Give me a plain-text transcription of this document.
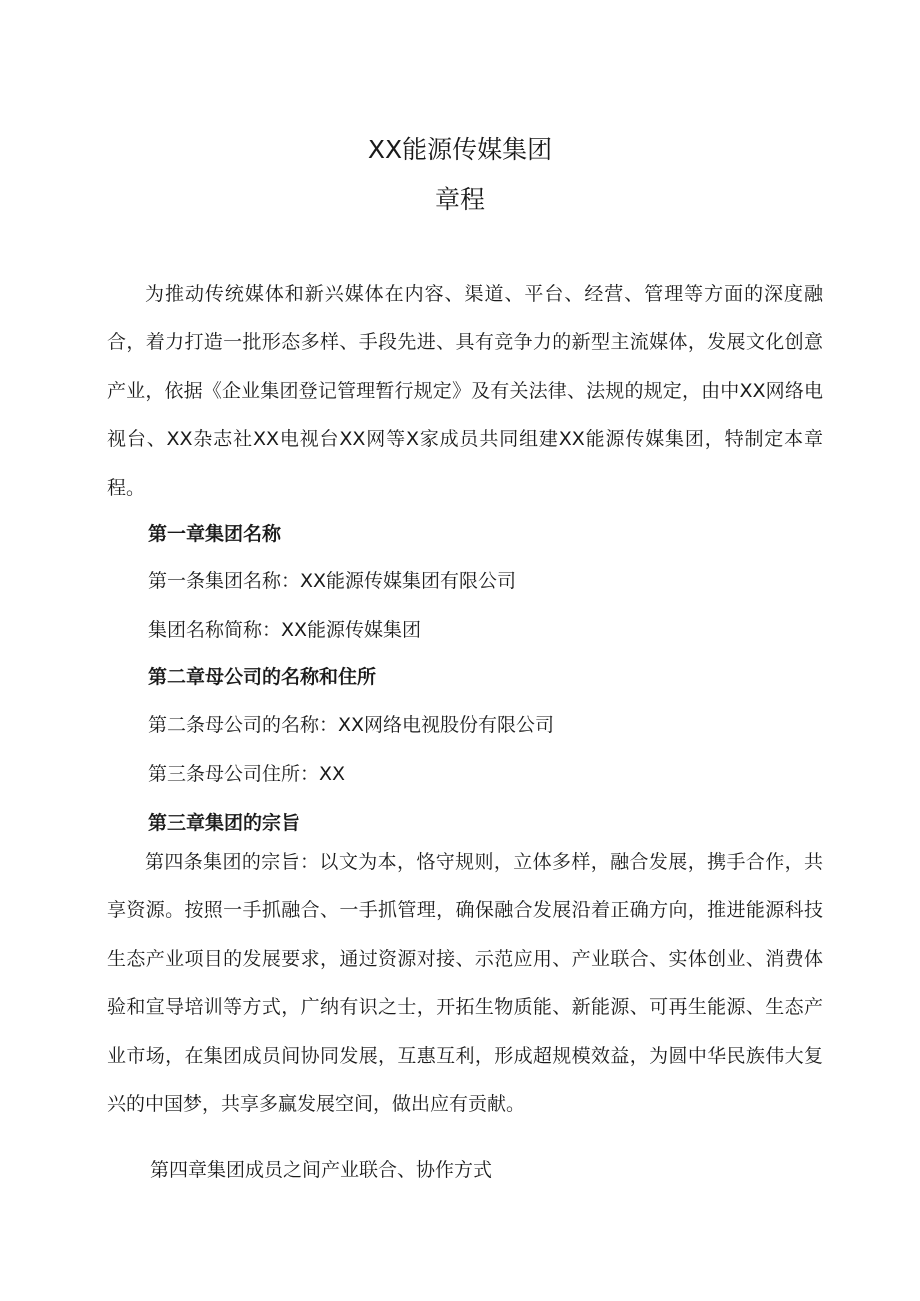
XX能源传媒集团
章程

为推动传统媒体和新兴媒体在内容、渠道、平台、经营、管理等方面的深度融合，着力打造一批形态多样、手段先进、具有竞争力的新型主流媒体，发展文化创意产业，依据《企业集团登记管理暂行规定》及有关法律、法规的规定，由中XX网络电视台、XX杂志社XX电视台XX网等X家成员共同组建XX能源传媒集团，特制定本章程。

第一章集团名称

第一条集团名称：XX能源传媒集团有限公司

集团名称简称：XX能源传媒集团

第二章母公司的名称和住所

第二条母公司的名称：XX网络电视股份有限公司

第三条母公司住所：XX

第三章集团的宗旨

第四条集团的宗旨：以文为本，恪守规则，立体多样，融合发展，携手合作，共享资源。按照一手抓融合、一手抓管理，确保融合发展沿着正确方向，推进能源科技生态产业项目的发展要求，通过资源对接、示范应用、产业联合、实体创业、消费体验和宣导培训等方式，广纳有识之士，开拓生物质能、新能源、可再生能源、生态产业市场，在集团成员间协同发展，互惠互利，形成超规模效益，为圆中华民族伟大复兴的中国梦，共享多赢发展空间，做出应有贡献。

第四章集团成员之间产业联合、协作方式
